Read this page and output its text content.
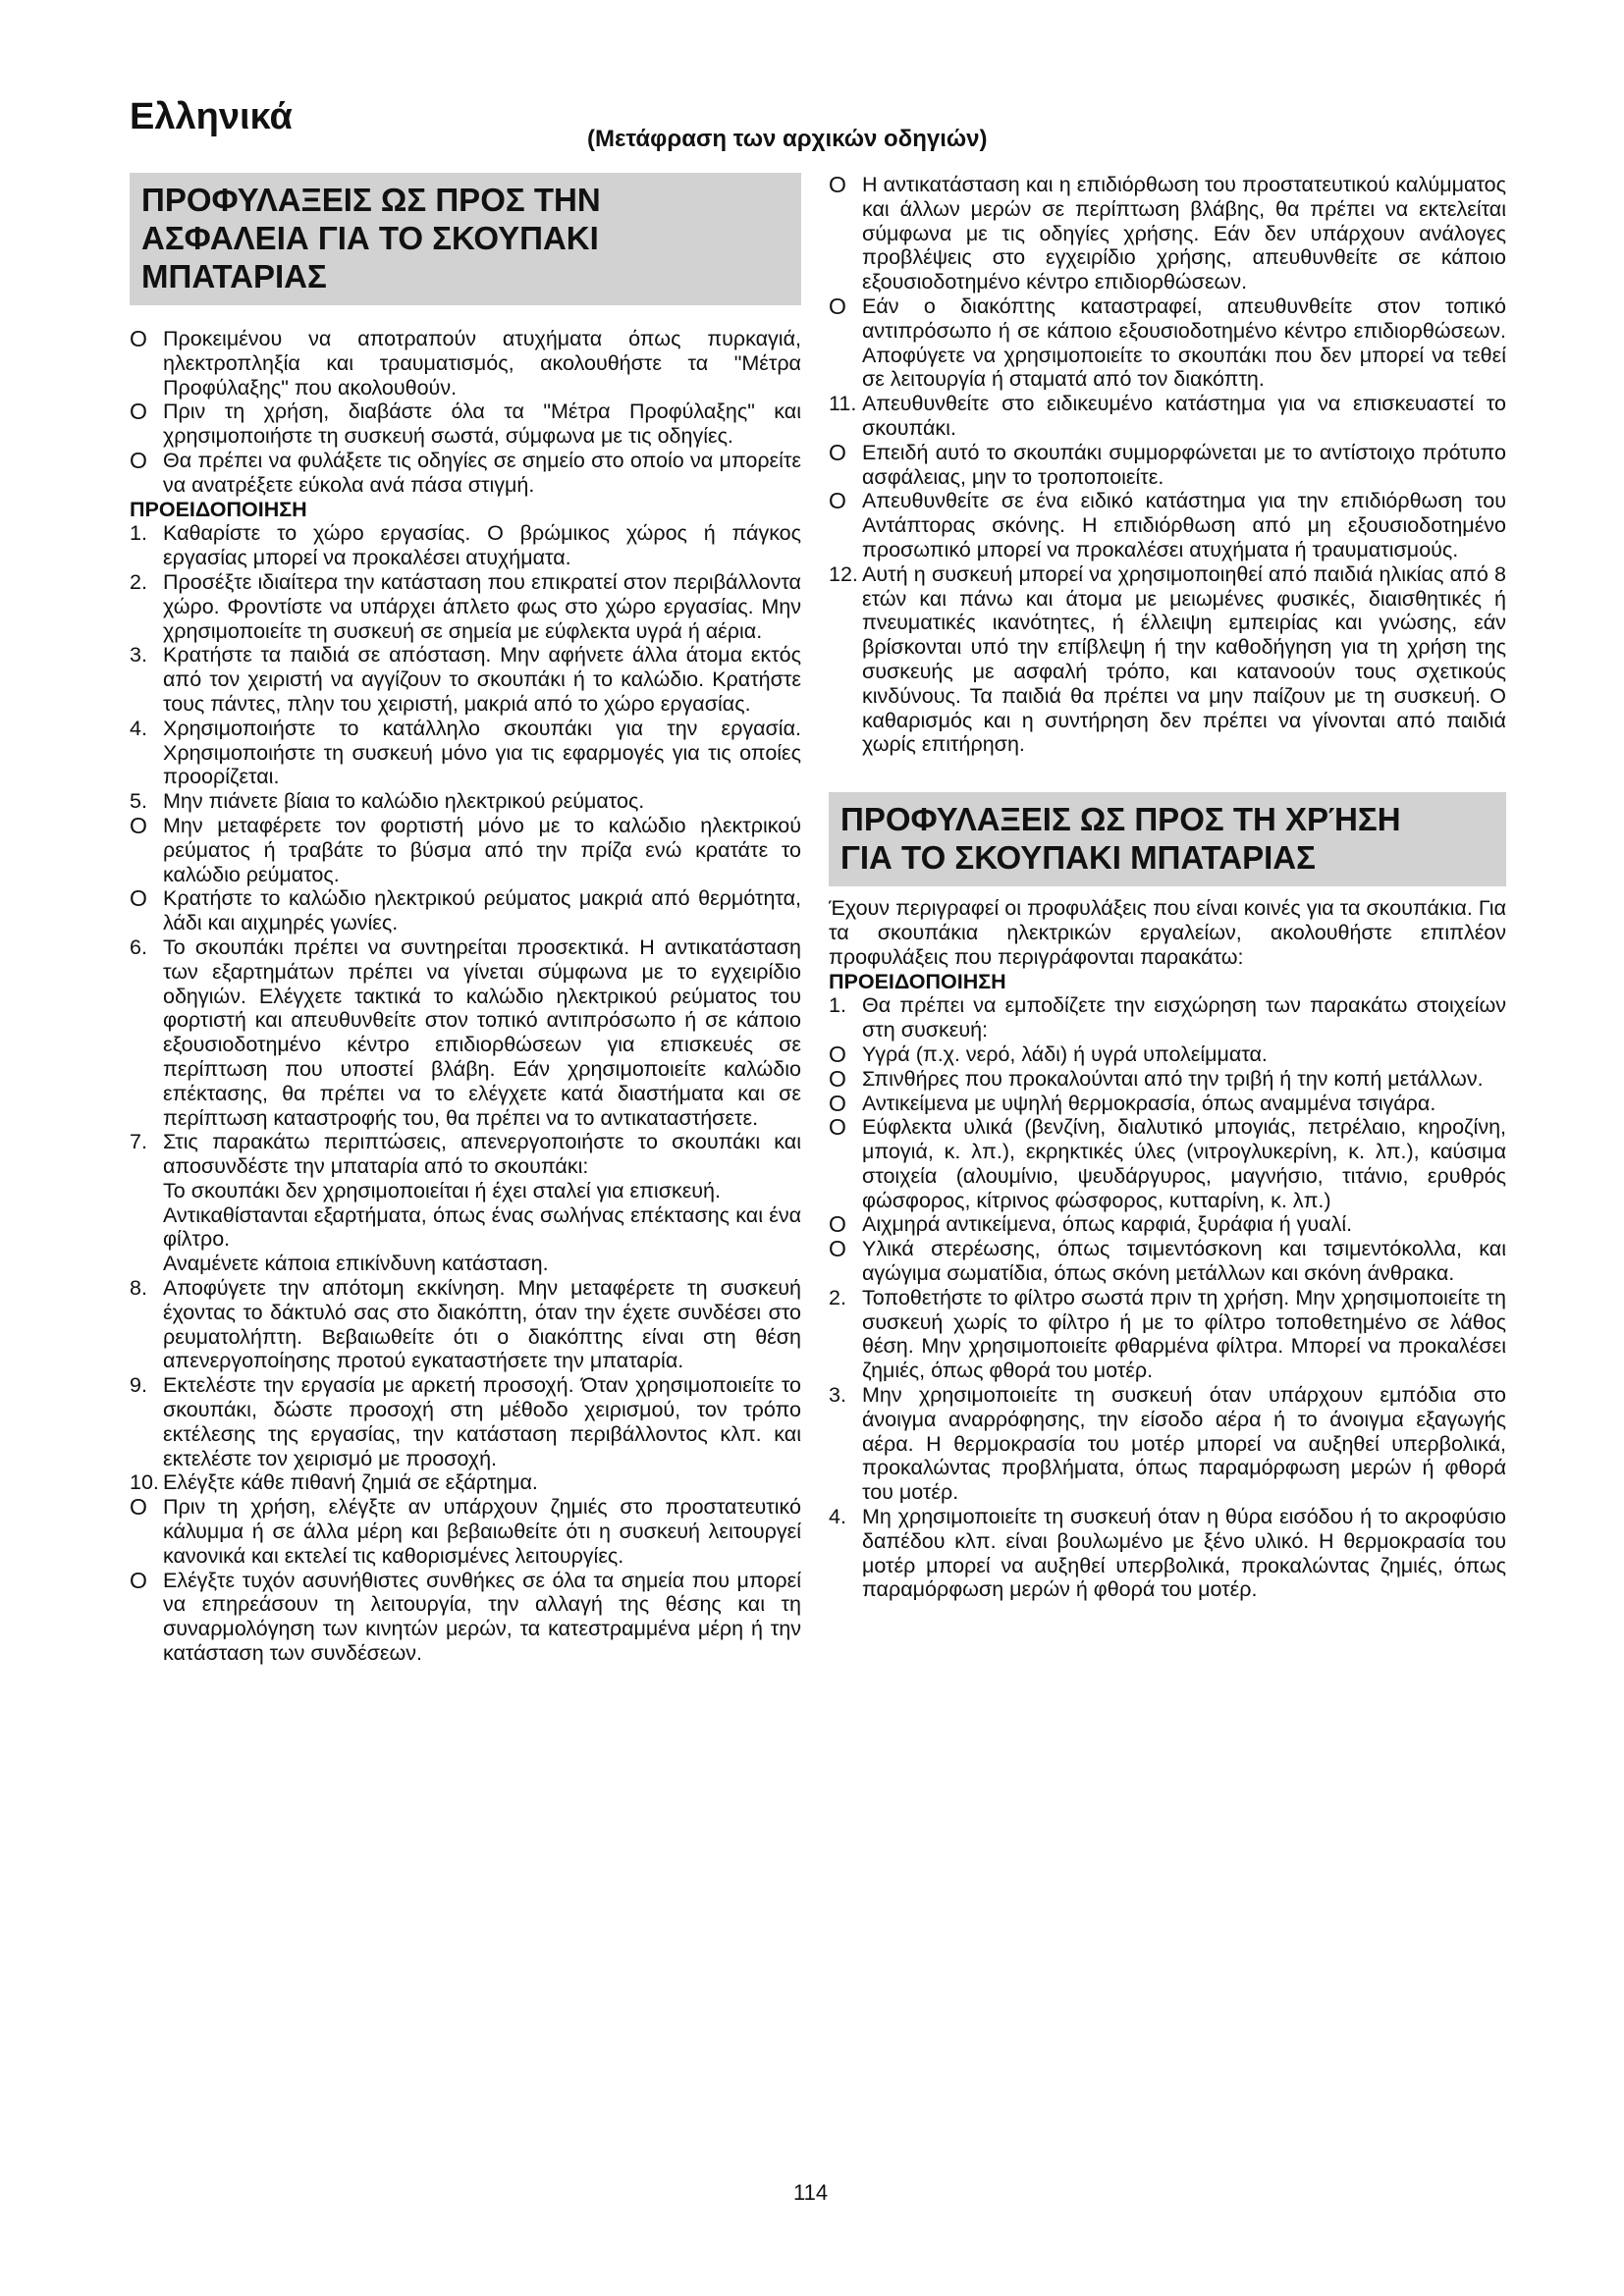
Ελληνικά
(Μετάφραση των αρχικών οδηγιών)
ΠΡΟΦΥΛΑΞΕΙΣ ΩΣ ΠΡΟΣ ΤΗΝ
ΑΣΦΑΛΕΙΑ ΓΙΑ ΤΟ ΣΚΟΥΠΑΚΙ
ΜΠΑΤΑΡΙΑΣ
O Προκειμένου να αποτραπούν ατυχήματα όπως πυρκαγιά, ηλεκτροπληξία και τραυματισμός, ακολουθήστε τα "Μέτρα Προφύλαξης" που ακολουθούν.
O Πριν τη χρήση, διαβάστε όλα τα "Μέτρα Προφύλαξης" και χρησιμοποιήστε τη συσκευή σωστά, σύμφωνα με τις οδηγίες.
O Θα πρέπει να φυλάξετε τις οδηγίες σε σημείο στο οποίο να μπορείτε να ανατρέξετε εύκολα ανά πάσα στιγμή.
ΠΡΟΕΙΔΟΠΟΙΗΣΗ
1. Καθαρίστε το χώρο εργασίας. Ο βρώμικος χώρος ή πάγκος εργασίας μπορεί να προκαλέσει ατυχήματα.
2. Προσέξτε ιδιαίτερα την κατάσταση που επικρατεί στον περιβάλλοντα χώρο. Φροντίστε να υπάρχει άπλετο φως στο χώρο εργασίας. Μην χρησιμοποιείτε τη συσκευή σε σημεία με εύφλεκτα υγρά ή αέρια.
3. Κρατήστε τα παιδιά σε απόσταση. Μην αφήνετε άλλα άτομα εκτός από τον χειριστή να αγγίζουν το σκουπάκι ή το καλώδιο. Κρατήστε τους πάντες, πλην του χειριστή, μακριά από το χώρο εργασίας.
4. Χρησιμοποιήστε το κατάλληλο σκουπάκι για την εργασία. Χρησιμοποιήστε τη συσκευή μόνο για τις εφαρμογές για τις οποίες προορίζεται.
5. Μην πιάνετε βίαια το καλώδιο ηλεκτρικού ρεύματος.
O Μην μεταφέρετε τον φορτιστή μόνο με το καλώδιο ηλεκτρικού ρεύματος ή τραβάτε το βύσμα από την πρίζα ενώ κρατάτε το καλώδιο ρεύματος.
O Κρατήστε το καλώδιο ηλεκτρικού ρεύματος μακριά από θερμότητα, λάδι και αιχμηρές γωνίες.
6. Το σκουπάκι πρέπει να συντηρείται προσεκτικά. Η αντικατάσταση των εξαρτημάτων πρέπει να γίνεται σύμφωνα με το εγχειρίδιο οδηγιών. Ελέγχετε τακτικά το καλώδιο ηλεκτρικού ρεύματος του φορτιστή και απευθυνθείτε στον τοπικό αντιπρόσωπο ή σε κάποιο εξουσιοδοτημένο κέντρο επιδιορθώσεων για επισκευές σε περίπτωση που υποστεί βλάβη. Εάν χρησιμοποιείτε καλώδιο επέκτασης, θα πρέπει να το ελέγχετε κατά διαστήματα και σε περίπτωση καταστροφής του, θα πρέπει να το αντικαταστήσετε.
7. Στις παρακάτω περιπτώσεις, απενεργοποιήστε το σκουπάκι και αποσυνδέστε την μπαταρία από το σκουπάκι:
Το σκουπάκι δεν χρησιμοποιείται ή έχει σταλεί για επισκευή.
Αντικαθίστανται εξαρτήματα, όπως ένας σωλήνας επέκτασης και ένα φίλτρο.
Αναμένετε κάποια επικίνδυνη κατάσταση.
8. Αποφύγετε την απότομη εκκίνηση. Μην μεταφέρετε τη συσκευή έχοντας το δάκτυλό σας στο διακόπτη, όταν την έχετε συνδέσει στο ρευματολήπτη. Βεβαιωθείτε ότι ο διακόπτης είναι στη θέση απενεργοποίησης προτού εγκαταστήσετε την μπαταρία.
9. Εκτελέστε την εργασία με αρκετή προσοχή. Όταν χρησιμοποιείτε το σκουπάκι, δώστε προσοχή στη μέθοδο χειρισμού, τον τρόπο εκτέλεσης της εργασίας, την κατάσταση περιβάλλοντος κλπ. και εκτελέστε τον χειρισμό με προσοχή.
10. Ελέγξτε κάθε πιθανή ζημιά σε εξάρτημα.
O Πριν τη χρήση, ελέγξτε αν υπάρχουν ζημιές στο προστατευτικό κάλυμμα ή σε άλλα μέρη και βεβαιωθείτε ότι η συσκευή λειτουργεί κανονικά και εκτελεί τις καθορισμένες λειτουργίες.
O Ελέγξτε τυχόν ασυνήθιστες συνθήκες σε όλα τα σημεία που μπορεί να επηρεάσουν τη λειτουργία, την αλλαγή της θέσης και τη συναρμολόγηση των κινητών μερών, τα κατεστραμμένα μέρη ή την κατάσταση των συνδέσεων.
O Η αντικατάσταση και η επιδιόρθωση του προστατευτικού καλύμματος και άλλων μερών σε περίπτωση βλάβης, θα πρέπει να εκτελείται σύμφωνα με τις οδηγίες χρήσης. Εάν δεν υπάρχουν ανάλογες προβλέψεις στο εγχειρίδιο χρήσης, απευθυνθείτε σε κάποιο εξουσιοδοτημένο κέντρο επιδιορθώσεων.
O Εάν ο διακόπτης καταστραφεί, απευθυνθείτε στον τοπικό αντιπρόσωπο ή σε κάποιο εξουσιοδοτημένο κέντρο επιδιορθώσεων. Αποφύγετε να χρησιμοποιείτε το σκουπάκι που δεν μπορεί να τεθεί σε λειτουργία ή σταματά από τον διακόπτη.
11. Απευθυνθείτε στο ειδικευμένο κατάστημα για να επισκευαστεί το σκουπάκι.
O Επειδή αυτό το σκουπάκι συμμορφώνεται με το αντίστοιχο πρότυπο ασφάλειας, μην το τροποποιείτε.
O Απευθυνθείτε σε ένα ειδικό κατάστημα για την επιδιόρθωση του Αντάπτορας σκόνης. Η επιδιόρθωση από μη εξουσιοδοτημένο προσωπικό μπορεί να προκαλέσει ατυχήματα ή τραυματισμούς.
12. Αυτή η συσκευή μπορεί να χρησιμοποιηθεί από παιδιά ηλικίας από 8 ετών και πάνω και άτομα με μειωμένες φυσικές, διαισθητικές ή πνευματικές ικανότητες, ή έλλειψη εμπειρίας και γνώσης, εάν βρίσκονται υπό την επίβλεψη ή την καθοδήγηση για τη χρήση της συσκευής με ασφαλή τρόπο, και κατανοούν τους σχετικούς κινδύνους. Τα παιδιά θα πρέπει να μην παίζουν με τη συσκευή. Ο καθαρισμός και η συντήρηση δεν πρέπει να γίνονται από παιδιά χωρίς επιτήρηση.
ΠΡΟΦΥΛΑΞΕΙΣ ΩΣ ΠΡΟΣ ΤΗ ΧΡΉΣΗ
ΓΙΑ ΤΟ ΣΚΟΥΠΑΚΙ ΜΠΑΤΑΡΙΑΣ
Έχουν περιγραφεί οι προφυλάξεις που είναι κοινές για τα σκουπάκια. Για τα σκουπάκια ηλεκτρικών εργαλείων, ακολουθήστε επιπλέον προφυλάξεις που περιγράφονται παρακάτω:
ΠΡΟΕΙΔΟΠΟΙΗΣΗ
1. Θα πρέπει να εμποδίζετε την εισχώρηση των παρακάτω στοιχείων στη συσκευή:
O Υγρά (π.χ. νερό, λάδι) ή υγρά υπολείμματα.
O Σπινθήρες που προκαλούνται από την τριβή ή την κοπή μετάλλων.
O Αντικείμενα με υψηλή θερμοκρασία, όπως αναμμένα τσιγάρα.
O Εύφλεκτα υλικά (βενζίνη, διαλυτικό μπογιάς, πετρέλαιο, κηροζίνη, μπογιά, κ. λπ.), εκρηκτικές ύλες (νιτρογλυκερίνη, κ. λπ.), καύσιμα στοιχεία (αλουμίνιο, ψευδάργυρος, μαγνήσιο, τιτάνιο, ερυθρός φώσφορος, κίτρινος φώσφορος, κυτταρίνη, κ. λπ.)
O Αιχμηρά αντικείμενα, όπως καρφιά, ξυράφια ή γυαλί.
O Υλικά στερέωσης, όπως τσιμεντόσκονη και τσιμεντόκολλα, και αγώγιμα σωματίδια, όπως σκόνη μετάλλων και σκόνη άνθρακα.
2. Τοποθετήστε το φίλτρο σωστά πριν τη χρήση. Μην χρησιμοποιείτε τη συσκευή χωρίς το φίλτρο ή με το φίλτρο τοποθετημένο σε λάθος θέση. Μην χρησιμοποιείτε φθαρμένα φίλτρα. Μπορεί να προκαλέσει ζημιές, όπως φθορά του μοτέρ.
3. Μην χρησιμοποιείτε τη συσκευή όταν υπάρχουν εμπόδια στο άνοιγμα αναρρόφησης, την είσοδο αέρα ή το άνοιγμα εξαγωγής αέρα. Η θερμοκρασία του μοτέρ μπορεί να αυξηθεί υπερβολικά, προκαλώντας προβλήματα, όπως παραμόρφωση μερών ή φθορά του μοτέρ.
4. Μη χρησιμοποιείτε τη συσκευή όταν η θύρα εισόδου ή το ακροφύσιο δαπέδου κλπ. είναι βουλωμένο με ξένο υλικό. Η θερμοκρασία του μοτέρ μπορεί να αυξηθεί υπερβολικά, προκαλώντας ζημιές, όπως παραμόρφωση μερών ή φθορά του μοτέρ.
114
